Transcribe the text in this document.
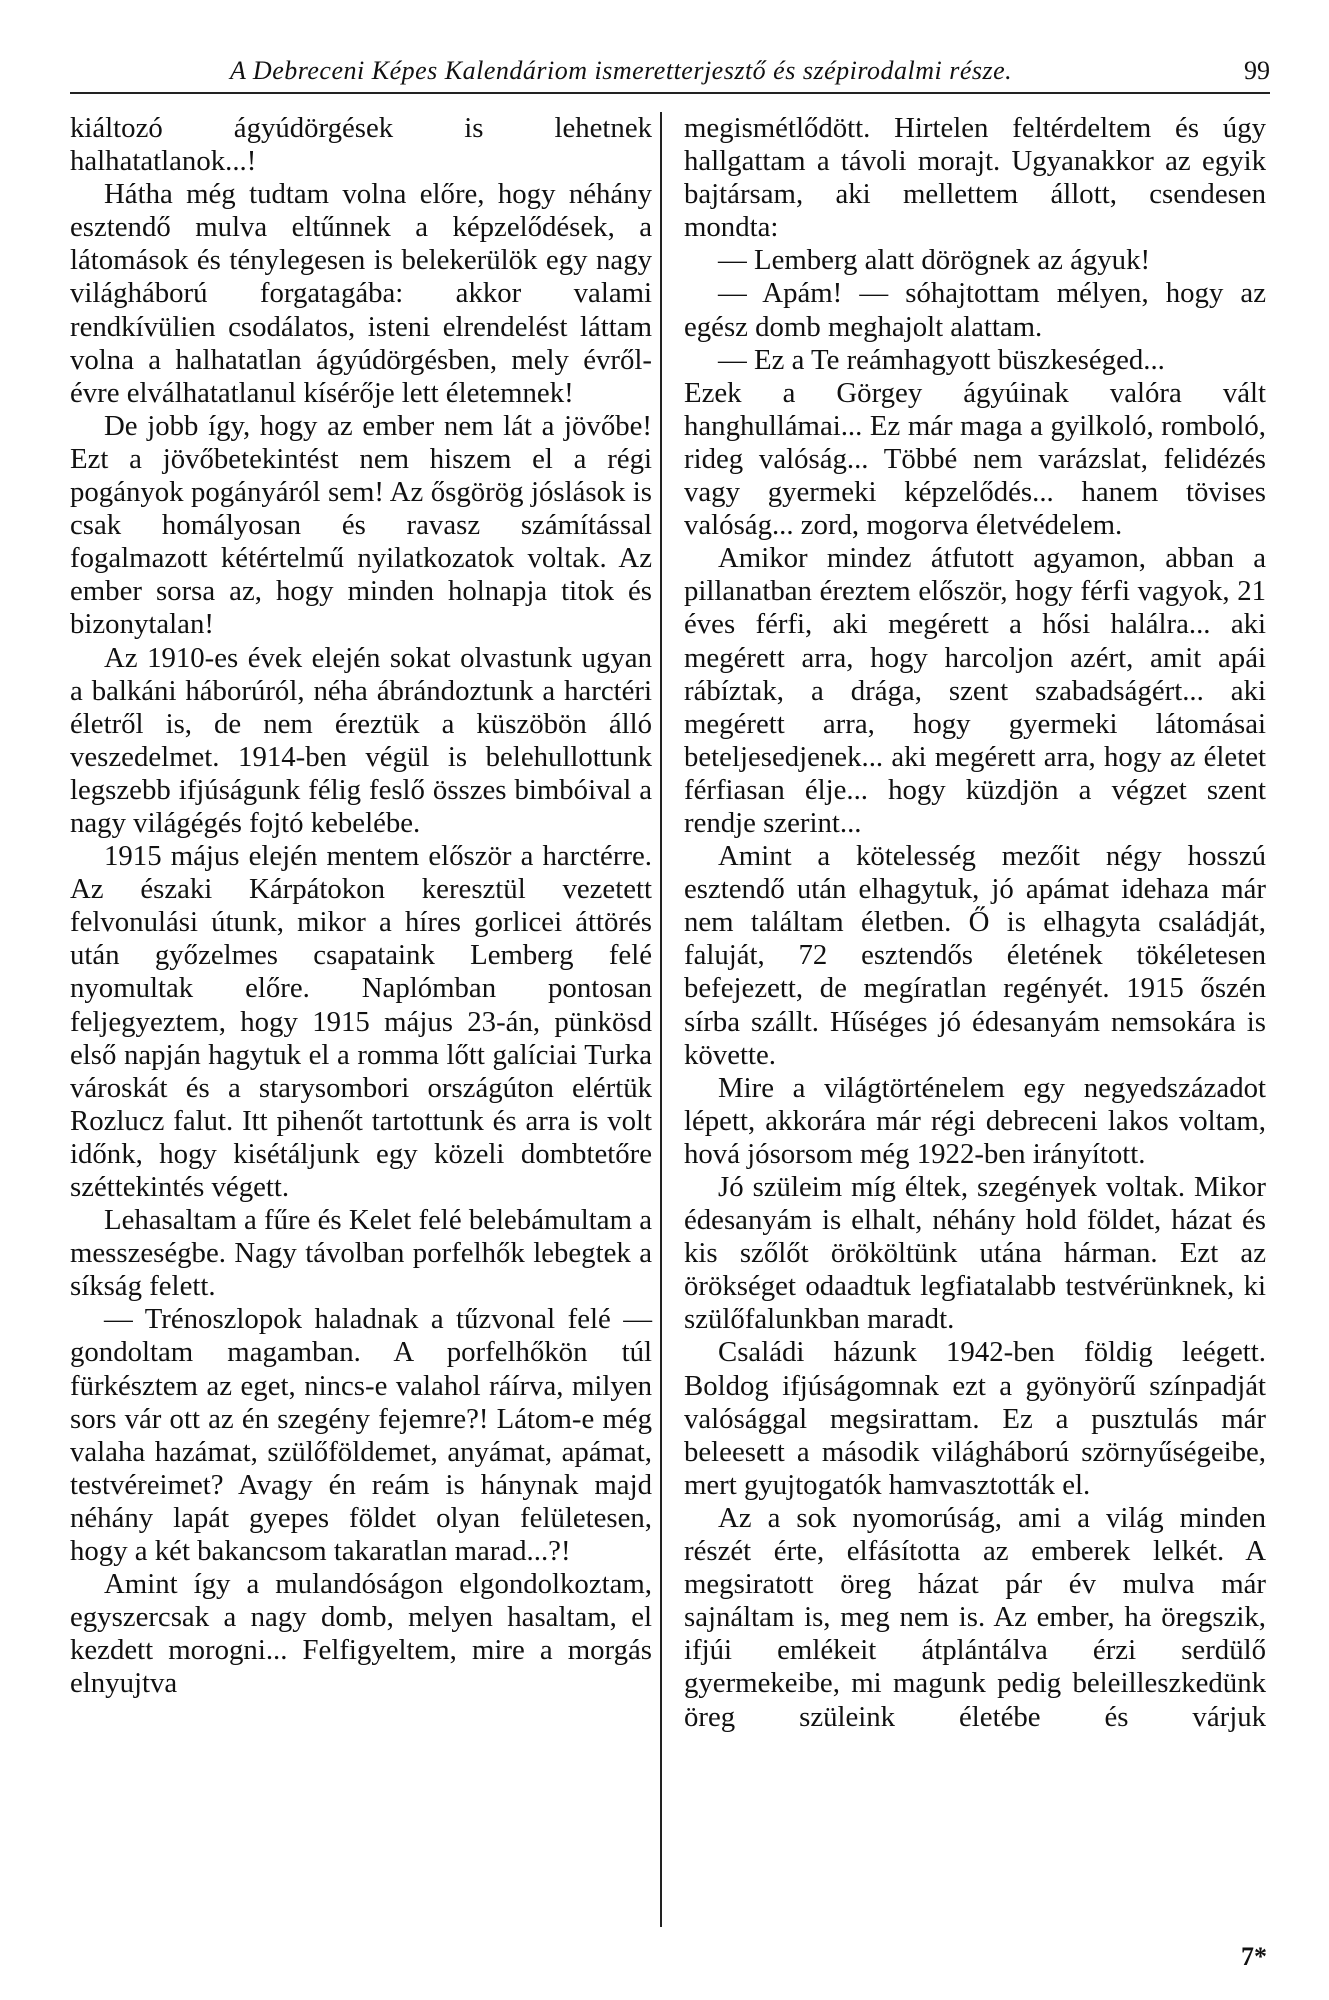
A Debreceni Képes Kalendáriom ismeretterjesztő és szépirodalmi része.	99

kiáltozó ágyúdörgések is lehetnek halhatatlanok...!

Hátha még tudtam volna előre, hogy néhány esztendő mulva eltűnnek a képzelődések, a látomások és ténylegesen is belekerülök egy nagy világháború forgatagába: akkor valami rendkívülien csodálatos, isteni elrendelést láttam volna a halhatatlan ágyúdörgésben, mely évről-évre elválhatatlanul kísérője lett életemnek!

De jobb így, hogy az ember nem lát a jövőbe! Ezt a jövőbetekintést nem hiszem el a régi pogányok pogányáról sem! Az ősgörög jóslások is csak homályosan és ravasz számítással fogalmazott kétértelmű nyilatkozatok voltak. Az ember sorsa az, hogy minden holnapja titok és bizonytalan!

Az 1910-es évek elején sokat olvastunk ugyan a balkáni háborúról, néha ábrándoztunk a harctéri életről is, de nem éreztük a küszöbön álló veszedelmet. 1914-ben végül is belehullottunk legszebb ifjúságunk félig feslő összes bimbóival a nagy világégés fojtó kebelébe.

1915 május elején mentem először a harctérre. Az északi Kárpátokon keresztül vezetett felvonulási útunk, mikor a híres gorlicei áttörés után győzelmes csapataink Lemberg felé nyomultak előre. Naplómban pontosan feljegyeztem, hogy 1915 május 23-án, pünkösd első napján hagytuk el a romma lőtt galíciai Turka városkát és a starysombori országúton elértük Rozlucz falut. Itt pihenőt tartottunk és arra is volt időnk, hogy kisétáljunk egy közeli dombtetőre széttekintés végett.

Lehasaltam a fűre és Kelet felé belebámultam a messzeségbe. Nagy távolban porfelhők lebegtek a síkság felett.

— Trénoszlopok haladnak a tűzvonal felé — gondoltam magamban. A porfelhőkön túl fürkésztem az eget, nincs-e valahol ráírva, milyen sors vár ott az én szegény fejemre?! Látom-e még valaha hazámat, szülőföldemet, anyámat, apámat, testvéreimet? Avagy én reám is hánynak majd néhány lapát gyepes földet olyan felületesen, hogy a két bakancsom takaratlan marad...?!

Amint így a mulandóságon elgondolkoztam, egyszercsak a nagy domb, melyen hasaltam, el kezdett morogni... Felfigyeltem, mire a morgás elnyujtva

megismétlődött. Hirtelen feltérdeltem és úgy hallgattam a távoli morajt. Ugyanakkor az egyik bajtársam, aki mellettem állott, csendesen mondta:

— Lemberg alatt dörögnek az ágyuk!

— Apám! — sóhajtottam mélyen, hogy az egész domb meghajolt alattam.

— Ez a Te reámhagyott büszkeséged...

Ezek a Görgey ágyúinak valóra vált hanghullámai... Ez már maga a gyilkoló, romboló, rideg valóság... Többé nem varázslat, felidézés vagy gyermeki képzelődés... hanem tövises valóság... zord, mogorva életvédelem.

Amikor mindez átfutott agyamon, abban a pillanatban éreztem először, hogy férfi vagyok, 21 éves férfi, aki megérett a hősi halálra... aki megérett arra, hogy harcoljon azért, amit apái rábíztak, a drága, szent szabadságért... aki megérett arra, hogy gyermeki látomásai beteljesedjenek... aki megérett arra, hogy az életet férfiasan élje... hogy küzdjön a végzet szent rendje szerint...

Amint a kötelesség mezőit négy hosszú esztendő után elhagytuk, jó apámat idehaza már nem találtam életben. Ő is elhagyta családját, faluját, 72 esztendős életének tökéletesen befejezett, de megíratlan regényét. 1915 őszén sírba szállt. Hűséges jó édesanyám nemsokára is követte.

Mire a világtörténelem egy negyedszázadot lépett, akkorára már régi debreceni lakos voltam, hová jósorsom még 1922-ben irányított.

Jó szüleim míg éltek, szegények voltak. Mikor édesanyám is elhalt, néhány hold földet, házat és kis szőlőt örököltünk utána hárman. Ezt az örökséget odaadtuk legfiatalabb testvérünknek, ki szülőfalunkban maradt.

Családi házunk 1942-ben földig leégett. Boldog ifjúságomnak ezt a gyönyörű színpadját valósággal megsirattam. Ez a pusztulás már beleesett a második világháború szörnyűségeibe, mert gyujtogatók hamvasztották el.

Az a sok nyomorúság, ami a világ minden részét érte, elfásította az emberek lelkét. A megsiratott öreg házat pár év mulva már sajnáltam is, meg nem is. Az ember, ha öregszik, ifjúi emlékeit átplántálva érzi serdülő gyermekeibe, mi magunk pedig beleilleszkedünk öreg szüleink életébe és várjuk

7*
